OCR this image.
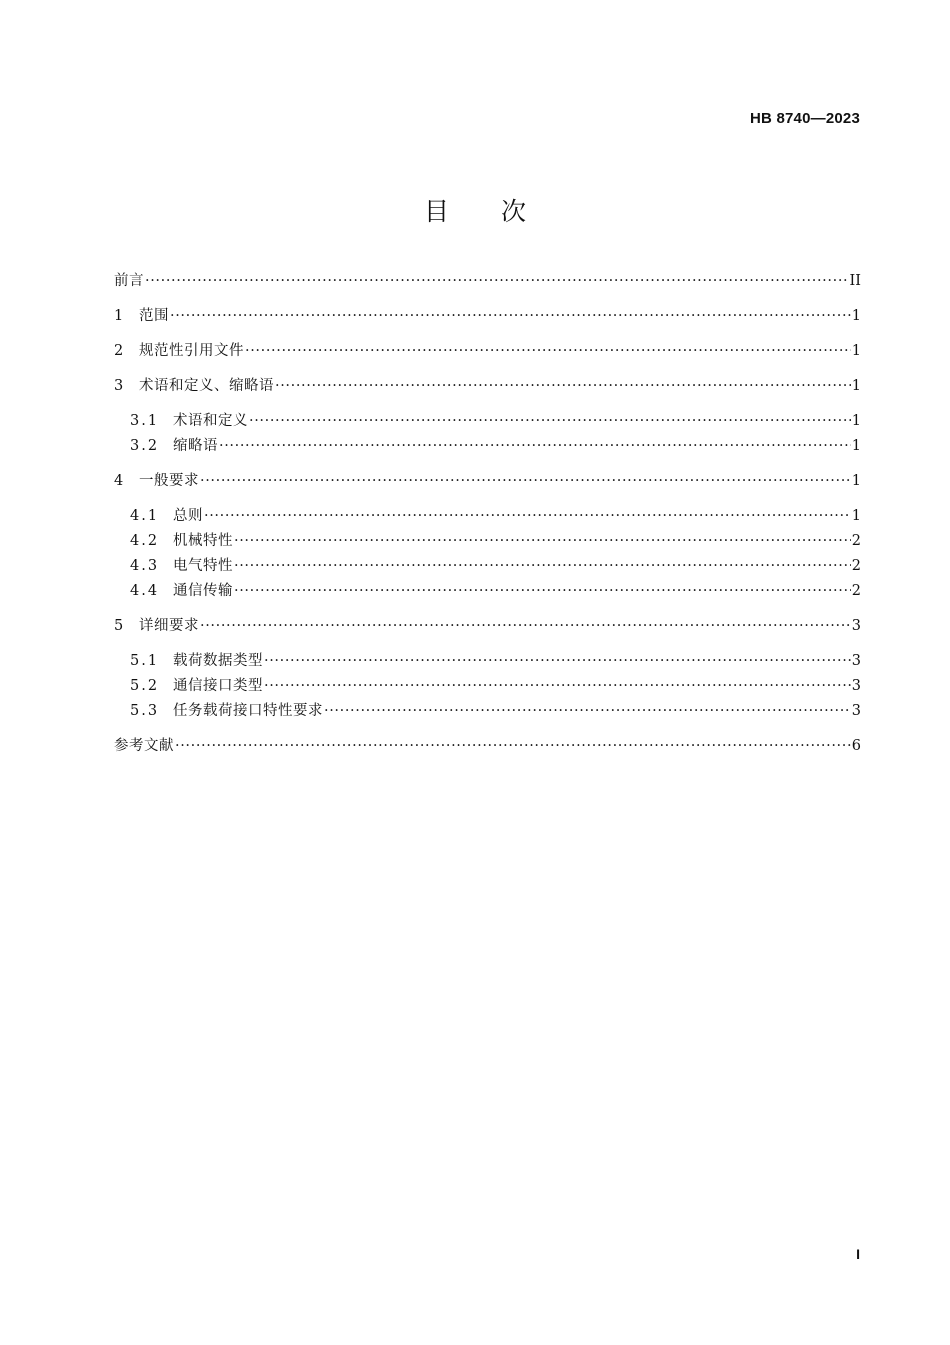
HB 8740—2023
目次
前言 ·····	II
1	范围 ·····	1
2	规范性引用文件 ·····	1
3	术语和定义、缩略语 ·····	1
3.1 术语和定义 ·····	1
3.2 缩略语 ·····	1
4	一般要求 ·····	1
4.1 总则 ·····	1
4.2 机械特性 ·····	2
4.3 电气特性 ·····	2
4.4 通信传输 ·····	2
5	详细要求 ·····	3
5.1 载荷数据类型 ·····	3
5.2 通信接口类型 ·····	3
5.3 任务载荷接口特性要求 ·····	3
参考文献 ·····	6
I
